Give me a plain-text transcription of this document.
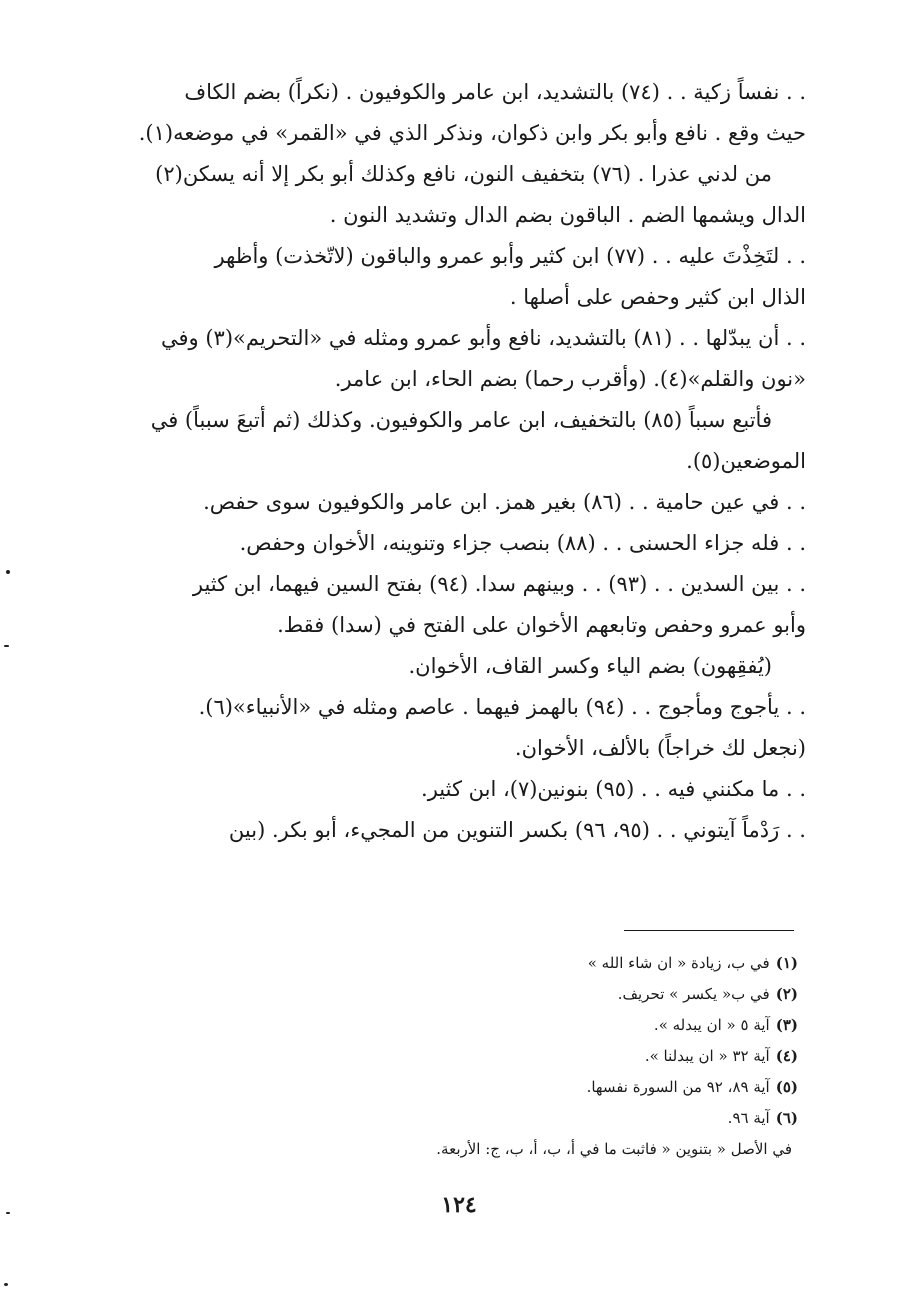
. . نفساً زكية . . (٧٤) بالتشديد، ابن عامر والكوفيون . (نكراً) بضم الكاف
حيث وقع . نافع وأبو بكر وابن ذكوان، ونذكر الذي في «القمر» في موضعه(١).
من لدني عذرا . (٧٦) بتخفيف النون، نافع وكذلك أبو بكر إلا أنه يسكن(٢)
الدال ويشمها الضم . الباقون بضم الدال وتشديد النون .
. . لتَخِذْتَ عليه . . (٧٧) ابن كثير وأبو عمرو والباقون (لاتّخذت) وأظهر
الذال ابن كثير وحفص على أصلها .
. . أن يبدّلها . . (٨١) بالتشديد، نافع وأبو عمرو ومثله في «التحريم»(٣) وفي
«نون والقلم»(٤). (وأقرب رحما) بضم الحاء، ابن عامر.
فأتبع سبباً (٨٥) بالتخفيف، ابن عامر والكوفيون. وكذلك (ثم أتبعَ سبباً) في
الموضعين(٥).
. . في عين حامية . . (٨٦) بغير همز. ابن عامر والكوفيون سوى حفص.
. . فله جزاء الحسنى . . (٨٨) بنصب جزاء وتنوينه، الأخوان وحفص.
. . بين السدين . . (٩٣) . . وبينهم سدا. (٩٤) بفتح السين فيهما، ابن كثير
وأبو عمرو وحفص وتابعهم الأخوان على الفتح في (سدا) فقط.
(يُفقِهون) بضم الياء وكسر القاف، الأخوان.
. . يأجوج ومأجوج . . (٩٤) بالهمز فيهما . عاصم ومثله في «الأنبياء»(٦).
(نجعل لك خراجاً) بالألف، الأخوان.
. . ما مكنني فيه . . (٩٥) بنونين(٧)، ابن كثير.
. . رَدْماً آيتوني . . (٩٥، ٩٦) بكسر التنوين من المجيء، أبو بكر. (بين
(١)في ب، زيادة « ان شاء الله »
(٢)في ب« يكسر » تحريف.
(٣)آية ٥ « ان يبدله ».
(٤)آية ٣٢ « ان يبدلنا ».
(٥)آية ٨٩، ٩٢ من السورة نفسها.
(٦)آية ٩٦.
في الأصل « بتنوين « فاثبت ما في أ، ب، أ، ب، ج: الأربعة.
١٢٤
